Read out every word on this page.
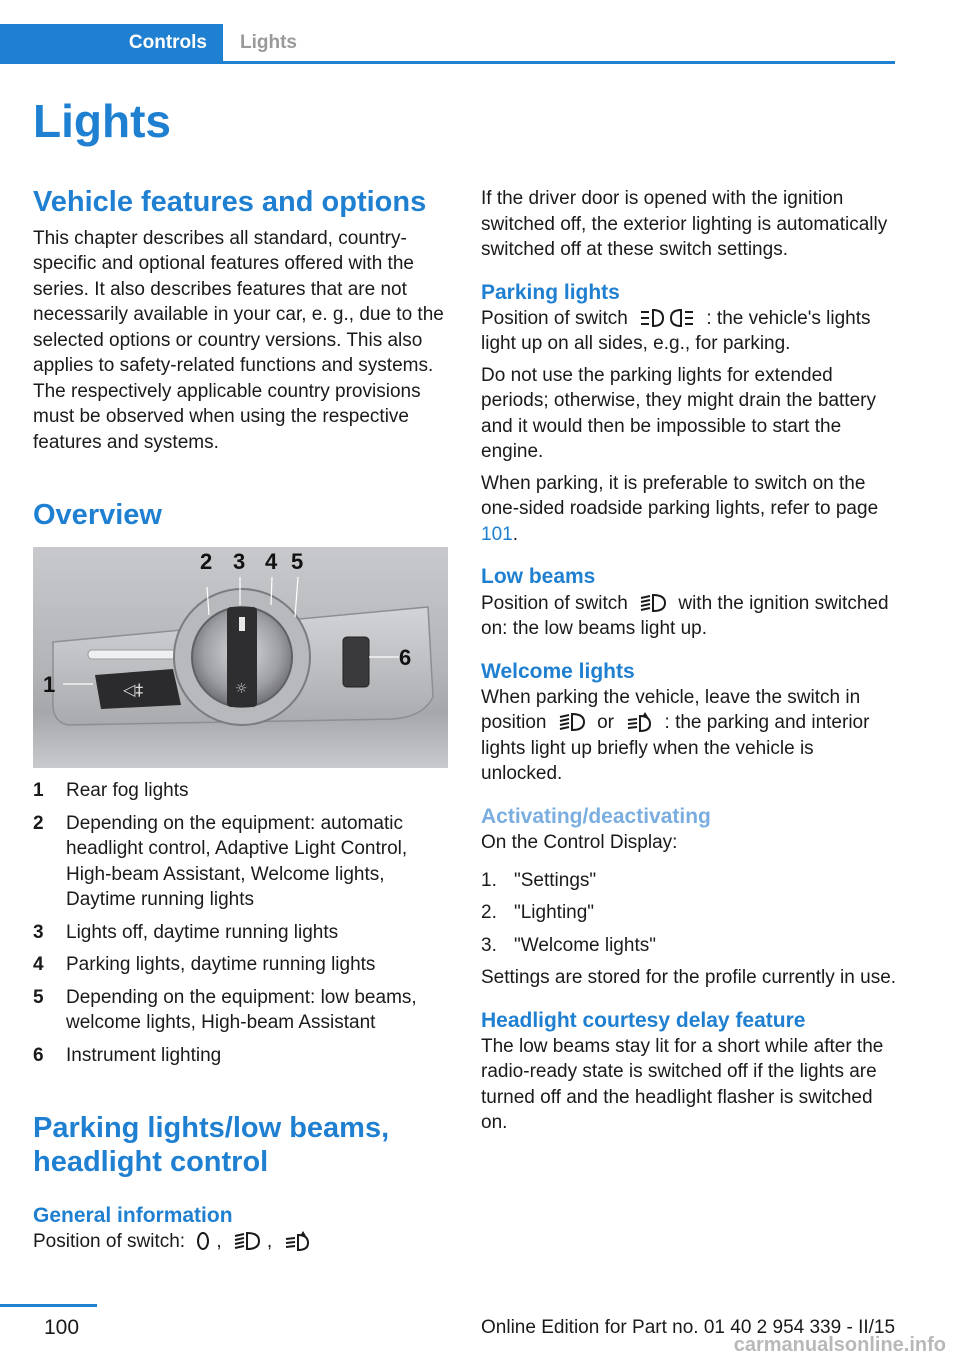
Controls Lights
Lights
Vehicle features and options

This chapter describes all standard, country-specific and optional features offered with the series. It also describes features that are not necessarily available in your car, e. g., due to the selected options or country versions. This also applies to safety-related functions and systems. The respectively applicable country provisions must be observed when using the respective features and systems.

Overview
◁‡	☼
2 3 4 5
6
1
1	Rear fog lights
2	Depending on the equipment: automatic headlight control, Adaptive Light Control, High-beam Assistant, Welcome lights, Daytime running lights
3	Lights off, daytime running lights
4	Parking lights, daytime running lights
5	Depending on the equipment: low beams, welcome lights, High-beam Assistant
6	Instrument lighting
Parking lights/low beams, headlight control
General information

Position of switch: , ,

If the driver door is opened with the ignition switched off, the exterior lighting is automatically switched off at these switch settings.

Parking lights

Position of switch	: the vehicle's lights light up on all sides, e.g., for parking.

Do not use the parking lights for extended periods; otherwise, they might drain the battery and it would then be impossible to start the engine.

When parking, it is preferable to switch on the one-sided roadside parking lights, refer to page 101.

Low beams

Position of switch	with the ignition switched on: the low beams light up.

Welcome lights

When parking the vehicle, leave the switch in position	or	: the parking and interior lights light up briefly when the vehicle is unlocked.

Activating/deactivating

On the Control Display:

1. "Settings"
2. "Lighting"
3. "Welcome lights"

Settings are stored for the profile currently in use.

Headlight courtesy delay feature

The low beams stay lit for a short while after the radio-ready state is switched off if the lights are turned off and the headlight flasher is switched on.

100	Online Edition for Part no. 01 40 2 954 339 - II/15
carmanualsonline.info
